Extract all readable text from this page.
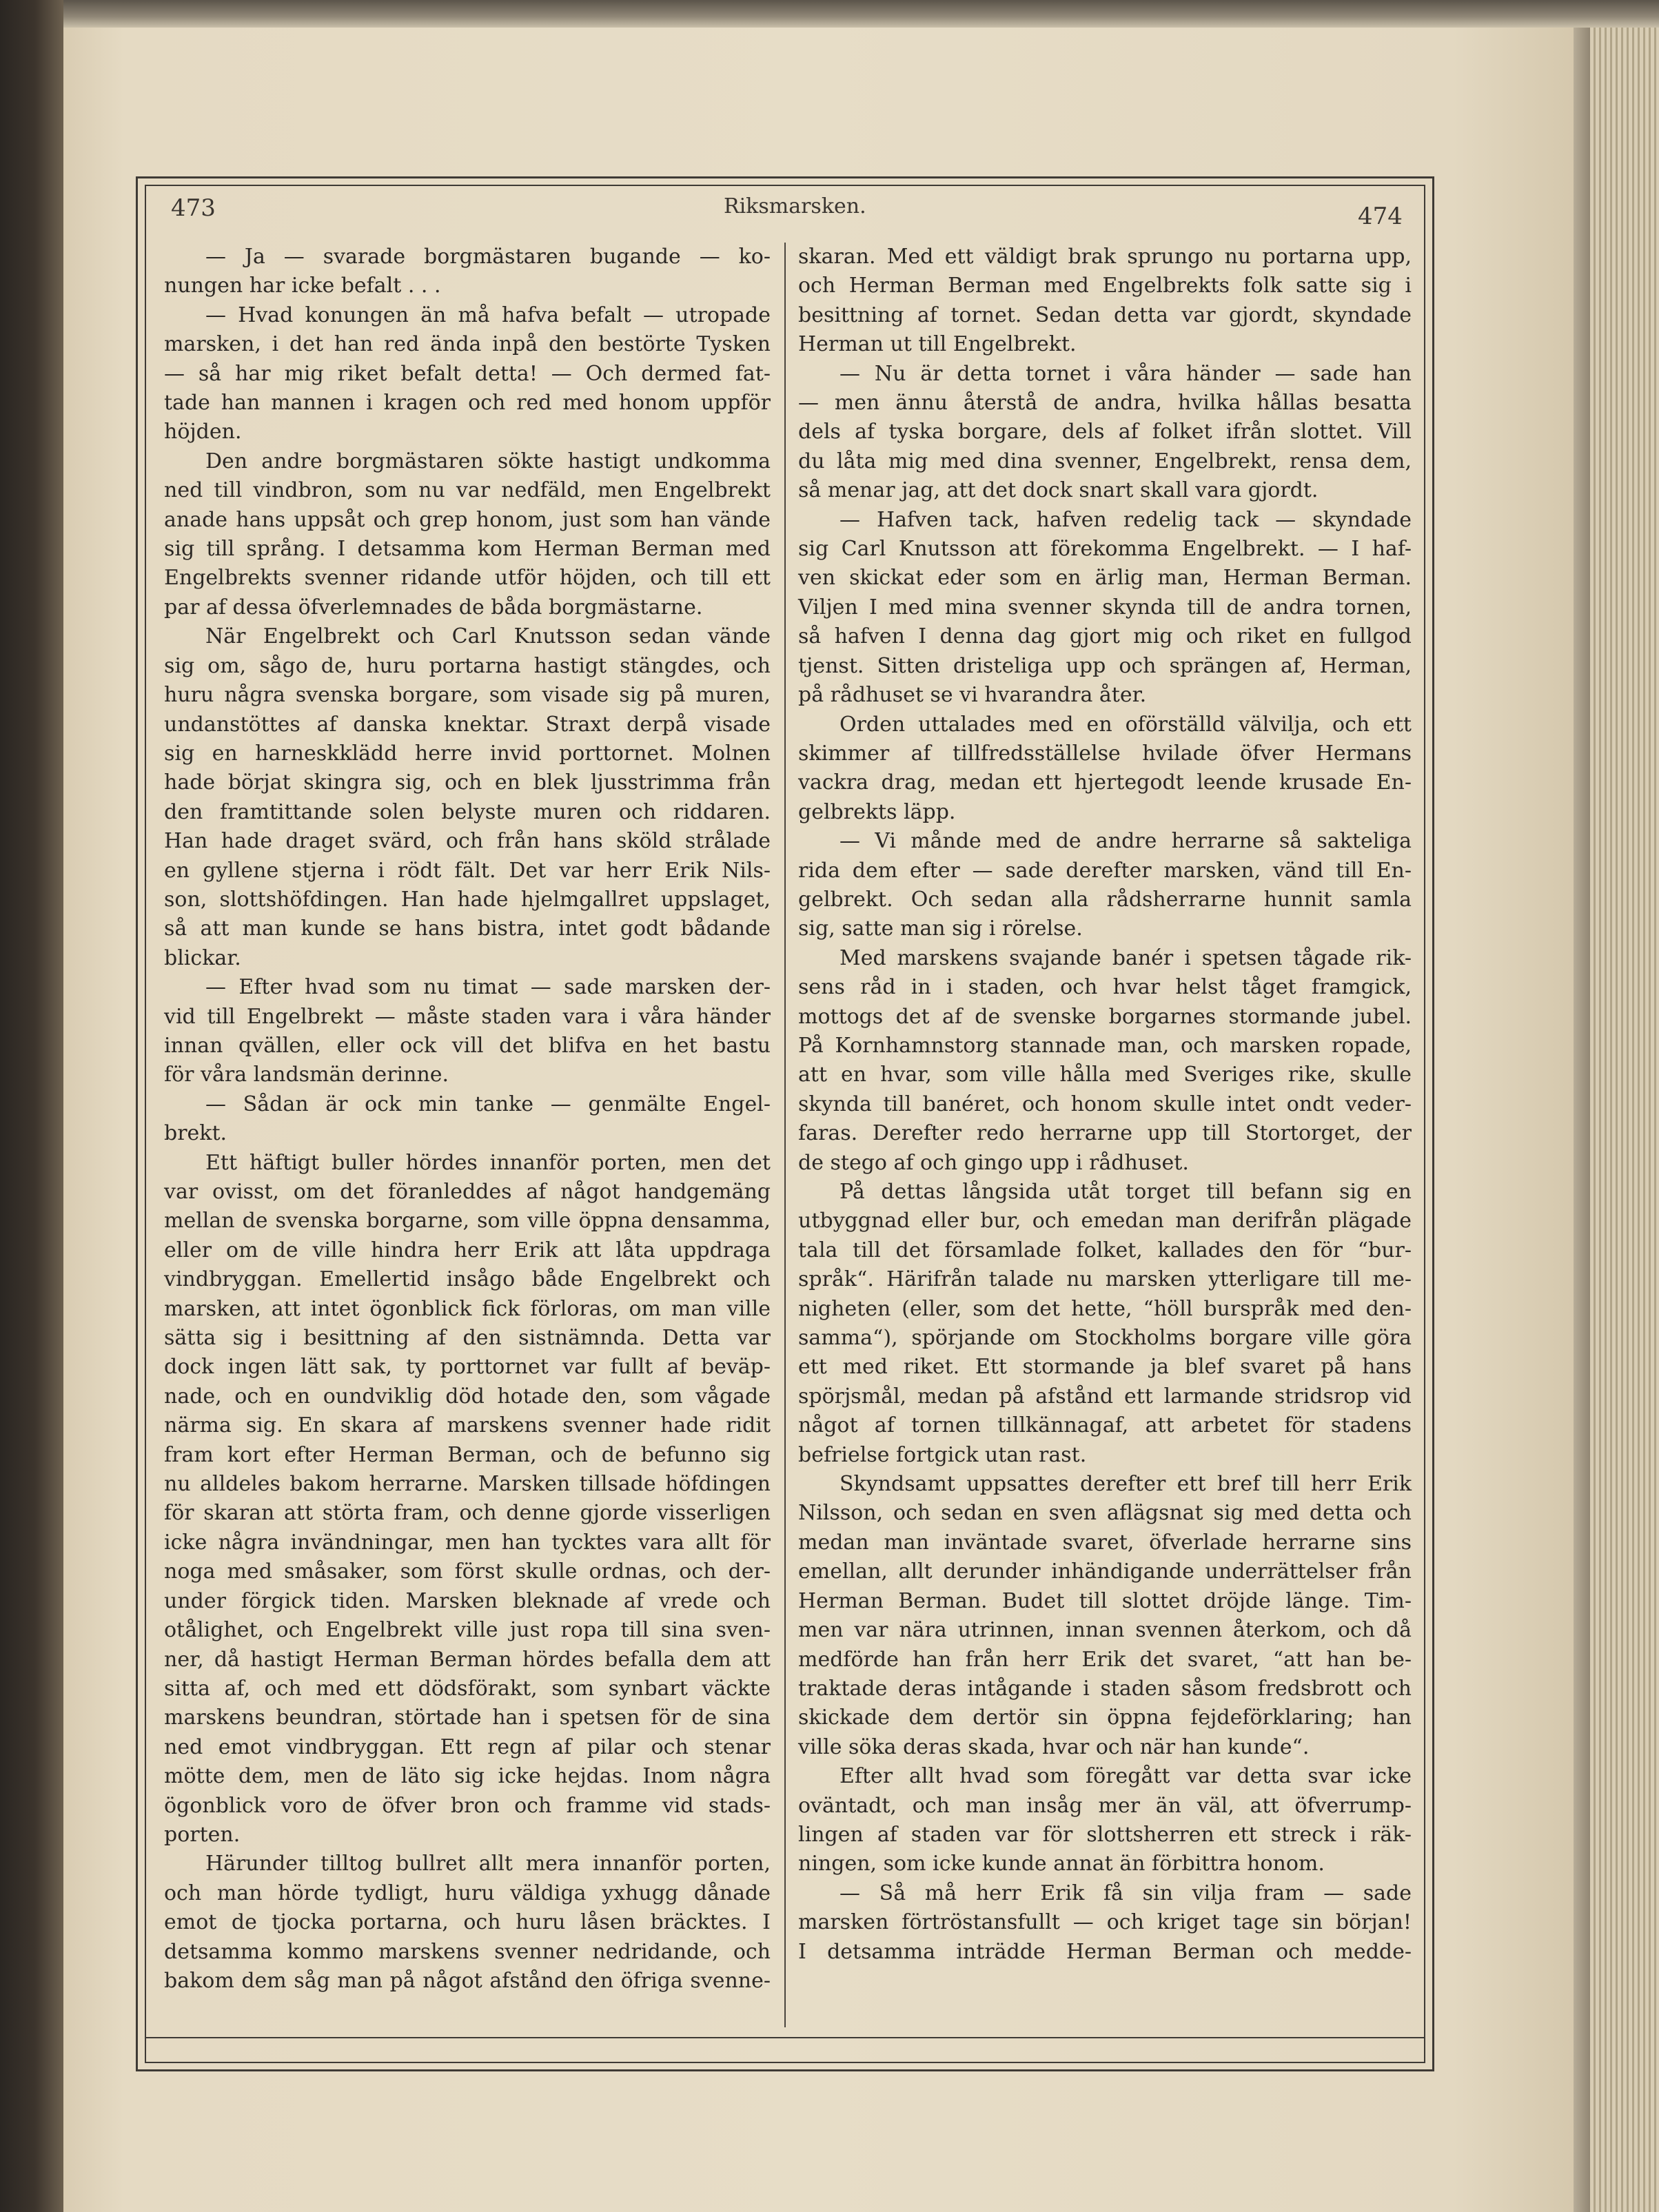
473	Riksmarsken.	474
— Ja — svarade borgmästaren bugande — ko-
nungen har icke befalt . . .
— Hvad konungen än må hafva befalt — utropade
marsken, i det han red ända inpå den bestörte Tysken
— så har mig riket befalt detta! — Och dermed fat-
tade han mannen i kragen och red med honom uppför
höjden.
Den andre borgmästaren sökte hastigt undkomma
ned till vindbron, som nu var nedfäld, men Engelbrekt
anade hans uppsåt och grep honom, just som han vände
sig till språng. I detsamma kom Herman Berman med
Engelbrekts svenner ridande utför höjden, och till ett
par af dessa öfverlemnades de båda borgmästarne.
När Engelbrekt och Carl Knutsson sedan vände
sig om, sågo de, huru portarna hastigt stängdes, och
huru några svenska borgare, som visade sig på muren,
undanstöttes af danska knektar. Straxt derpå visade
sig en harneskklädd herre invid porttornet. Molnen
hade börjat skingra sig, och en blek ljusstrimma från
den framtittande solen belyste muren och riddaren.
Han hade draget svärd, och från hans sköld strålade
en gyllene stjerna i rödt fält. Det var herr Erik Nils-
son, slottshöfdingen. Han hade hjelmgallret uppslaget,
så att man kunde se hans bistra, intet godt bådande
blickar.
— Efter hvad som nu timat — sade marsken der-
vid till Engelbrekt — måste staden vara i våra händer
innan qvällen, eller ock vill det blifva en het bastu
för våra landsmän derinne.
— Sådan är ock min tanke — genmälte Engel-
brekt.
Ett häftigt buller hördes innanför porten, men det
var ovisst, om det föranleddes af något handgemäng
mellan de svenska borgarne, som ville öppna densamma,
eller om de ville hindra herr Erik att låta uppdraga
vindbryggan. Emellertid insågo både Engelbrekt och
marsken, att intet ögonblick fick förloras, om man ville
sätta sig i besittning af den sistnämnda. Detta var
dock ingen lätt sak, ty porttornet var fullt af beväp-
nade, och en oundviklig död hotade den, som vågade
närma sig. En skara af marskens svenner hade ridit
fram kort efter Herman Berman, och de befunno sig
nu alldeles bakom herrarne. Marsken tillsade höfdingen
för skaran att störta fram, och denne gjorde visserligen
icke några invändningar, men han tycktes vara allt för
noga med småsaker, som först skulle ordnas, och der-
under förgick tiden. Marsken bleknade af vrede och
otålighet, och Engelbrekt ville just ropa till sina sven-
ner, då hastigt Herman Berman hördes befalla dem att
sitta af, och med ett dödsförakt, som synbart väckte
marskens beundran, störtade han i spetsen för de sina
ned emot vindbryggan. Ett regn af pilar och stenar
mötte dem, men de läto sig icke hejdas. Inom några
ögonblick voro de öfver bron och framme vid stads-
porten.
Härunder tilltog bullret allt mera innanför porten,
och man hörde tydligt, huru väldiga yxhugg dånade
emot de tjocka portarna, och huru låsen bräcktes. I
detsamma kommo marskens svenner nedridande, och
bakom dem såg man på något afstånd den öfriga svenne-
skaran. Med ett väldigt brak sprungo nu portarna upp,
och Herman Berman med Engelbrekts folk satte sig i
besittning af tornet. Sedan detta var gjordt, skyndade
Herman ut till Engelbrekt.
— Nu är detta tornet i våra händer — sade han
— men ännu återstå de andra, hvilka hållas besatta
dels af tyska borgare, dels af folket ifrån slottet. Vill
du låta mig med dina svenner, Engelbrekt, rensa dem,
så menar jag, att det dock snart skall vara gjordt.
— Hafven tack, hafven redelig tack — skyndade
sig Carl Knutsson att förekomma Engelbrekt. — I haf-
ven skickat eder som en ärlig man, Herman Berman.
Viljen I med mina svenner skynda till de andra tornen,
så hafven I denna dag gjort mig och riket en fullgod
tjenst. Sitten dristeliga upp och sprängen af, Herman,
på rådhuset se vi hvarandra åter.
Orden uttalades med en oförställd välvilja, och ett
skimmer af tillfredsställelse hvilade öfver Hermans
vackra drag, medan ett hjertegodt leende krusade En-
gelbrekts läpp.
— Vi månde med de andre herrarne så sakteliga
rida dem efter — sade derefter marsken, vänd till En-
gelbrekt. Och sedan alla rådsherrarne hunnit samla
sig, satte man sig i rörelse.
Med marskens svajande banér i spetsen tågade rik-
sens råd in i staden, och hvar helst tåget framgick,
mottogs det af de svenske borgarnes stormande jubel.
På Kornhamnstorg stannade man, och marsken ropade,
att en hvar, som ville hålla med Sveriges rike, skulle
skynda till banéret, och honom skulle intet ondt veder-
faras. Derefter redo herrarne upp till Stortorget, der
de stego af och gingo upp i rådhuset.
På dettas långsida utåt torget till befann sig en
utbyggnad eller bur, och emedan man derifrån plägade
tala till det församlade folket, kallades den för “bur-
språk“. Härifrån talade nu marsken ytterligare till me-
nigheten (eller, som det hette, “höll burspråk med den-
samma“), spörjande om Stockholms borgare ville göra
ett med riket. Ett stormande ja blef svaret på hans
spörjsmål, medan på afstånd ett larmande stridsrop vid
något af tornen tillkännagaf, att arbetet för stadens
befrielse fortgick utan rast.
Skyndsamt uppsattes derefter ett bref till herr Erik
Nilsson, och sedan en sven aflägsnat sig med detta och
medan man inväntade svaret, öfverlade herrarne sins
emellan, allt derunder inhändigande underrättelser från
Herman Berman. Budet till slottet dröjde länge. Tim-
men var nära utrinnen, innan svennen återkom, och då
medförde han från herr Erik det svaret, “att han be-
traktade deras intågande i staden såsom fredsbrott och
skickade dem dertör sin öppna fejdeförklaring; han
ville söka deras skada, hvar och när han kunde“.
Efter allt hvad som föregått var detta svar icke
oväntadt, och man insåg mer än väl, att öfverrump-
lingen af staden var för slottsherren ett streck i räk-
ningen, som icke kunde annat än förbittra honom.
— Så må herr Erik få sin vilja fram — sade
marsken förtröstansfullt — och kriget tage sin början!
I detsamma inträdde Herman Berman och medde-
